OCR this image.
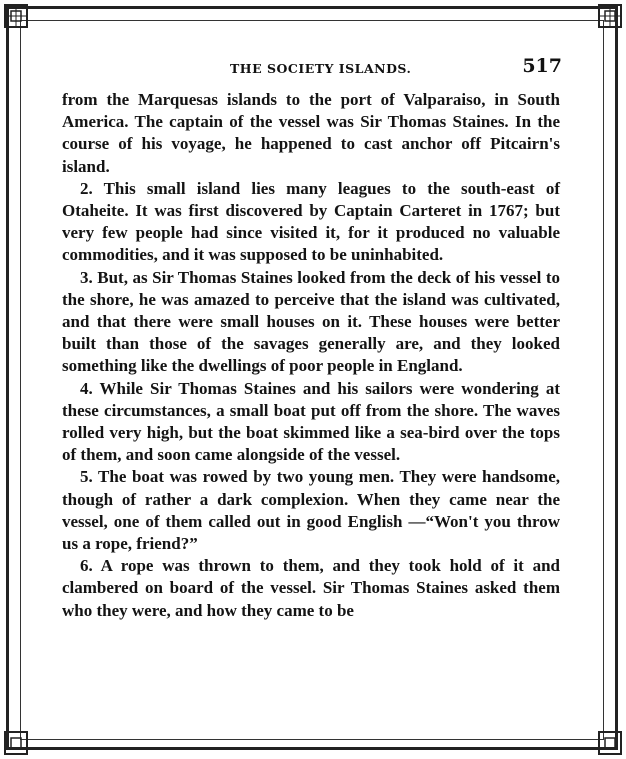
THE SOCIETY ISLANDS.	517

from the Marquesas islands to the port of Valparaiso, in South America. The captain of the vessel was Sir Thomas Staines. In the course of his voyage, he happened to cast anchor off Pitcairn's island.

2. This small island lies many leagues to the south-east of Otaheite. It was first discovered by Captain Carteret in 1767; but very few people had since visited it, for it produced no valuable commodities, and it was supposed to be uninhabited.

3. But, as Sir Thomas Staines looked from the deck of his vessel to the shore, he was amazed to perceive that the island was cultivated, and that there were small houses on it. These houses were better built than those of the savages generally are, and they looked something like the dwellings of poor people in England.

4. While Sir Thomas Staines and his sailors were wondering at these circumstances, a small boat put off from the shore. The waves rolled very high, but the boat skimmed like a sea-bird over the tops of them, and soon came alongside of the vessel.

5. The boat was rowed by two young men. They were handsome, though of rather a dark complexion. When they came near the vessel, one of them called out in good English —“Won't you throw us a rope, friend?”

6. A rope was thrown to them, and they took hold of it and clambered on board of the vessel. Sir Thomas Staines asked them who they were, and how they came to be
